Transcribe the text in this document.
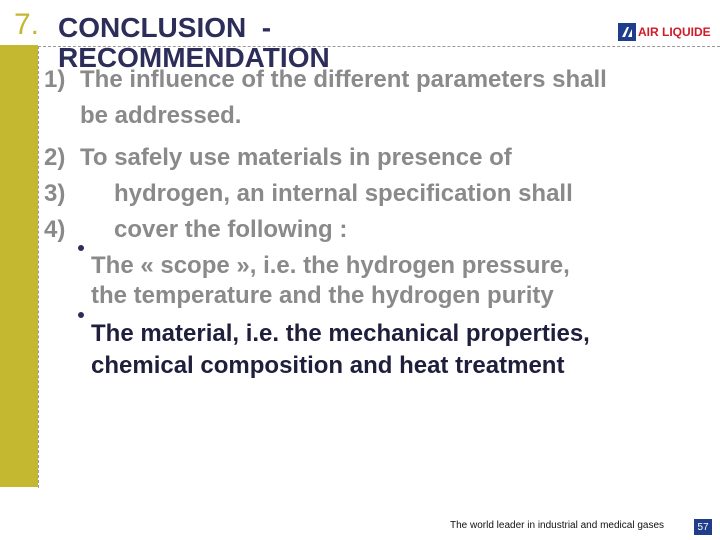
7. CONCLUSION  -
RECOMMENDATION
AIR LIQUIDE
1) The influence of the different parameters shall
be addressed.
2) To safely use materials in presence of
3) hydrogen, an internal specification shall
4) cover the following :
The « scope », i.e. the hydrogen pressure,
the temperature and the hydrogen purity
The material, i.e. the mechanical properties,
chemical composition and heat treatment
The world leader in industrial and medical gases	57
